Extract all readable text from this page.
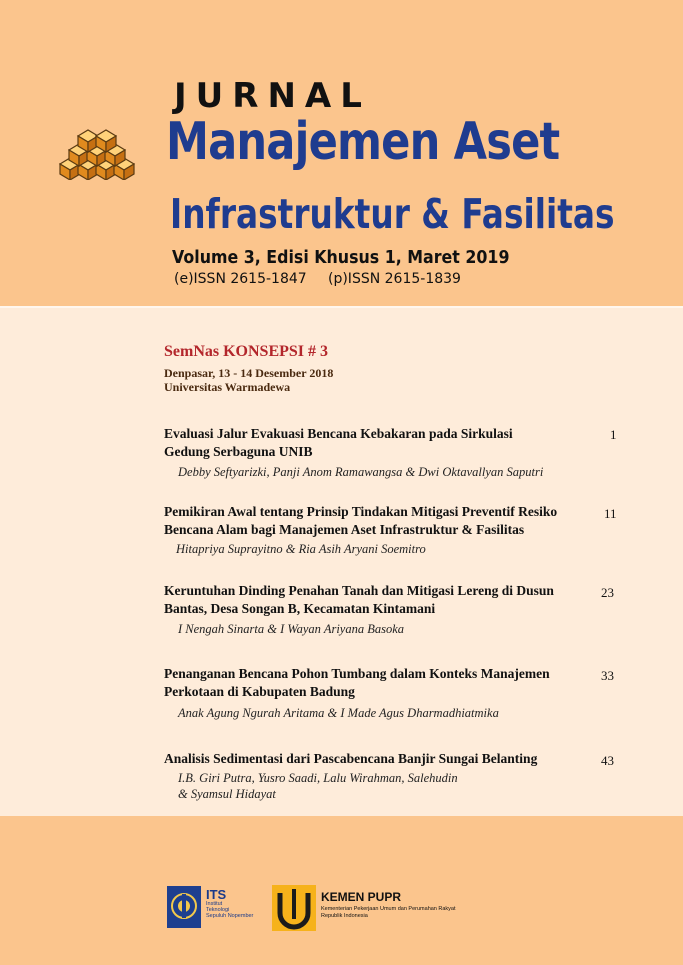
JURNAL
Manajemen Aset
Infrastruktur & Fasilitas
Volume 3, Edisi Khusus 1, Maret 2019
(e)ISSN 2615-1847 (p)ISSN 2615-1839
SemNas KONSEPSI # 3
Denpasar, 13 - 14 Desember 2018
Universitas Warmadewa
Evaluasi Jalur Evakuasi Bencana Kebakaran pada Sirkulasi
Gedung Serbaguna UNIB
Debby Seftyarizki, Panji Anom Ramawangsa & Dwi Oktavallyan Saputri
1
Pemikiran Awal tentang Prinsip Tindakan Mitigasi Preventif Resiko
Bencana Alam bagi Manajemen Aset Infrastruktur & Fasilitas
Hitapriya Suprayitno & Ria Asih Aryani Soemitro
11
Keruntuhan Dinding Penahan Tanah dan Mitigasi Lereng di Dusun
Bantas, Desa Songan B, Kecamatan Kintamani
I Nengah Sinarta & I Wayan Ariyana Basoka
23
Penanganan Bencana Pohon Tumbang dalam Konteks Manajemen
Perkotaan di Kabupaten Badung
Anak Agung Ngurah Aritama & I Made Agus Dharmadhiatmika
33
Analisis Sedimentasi dari Pascabencana Banjir Sungai Belanting
I.B. Giri Putra, Yusro Saadi, Lalu Wirahman, Salehudin
& Syamsul Hidayat
43
ITS
Institut
Teknologi
Sepuluh Nopember
KEMEN PUPR
Kementerian Pekerjaan Umum dan Perumahan Rakyat
Republik Indonesia
